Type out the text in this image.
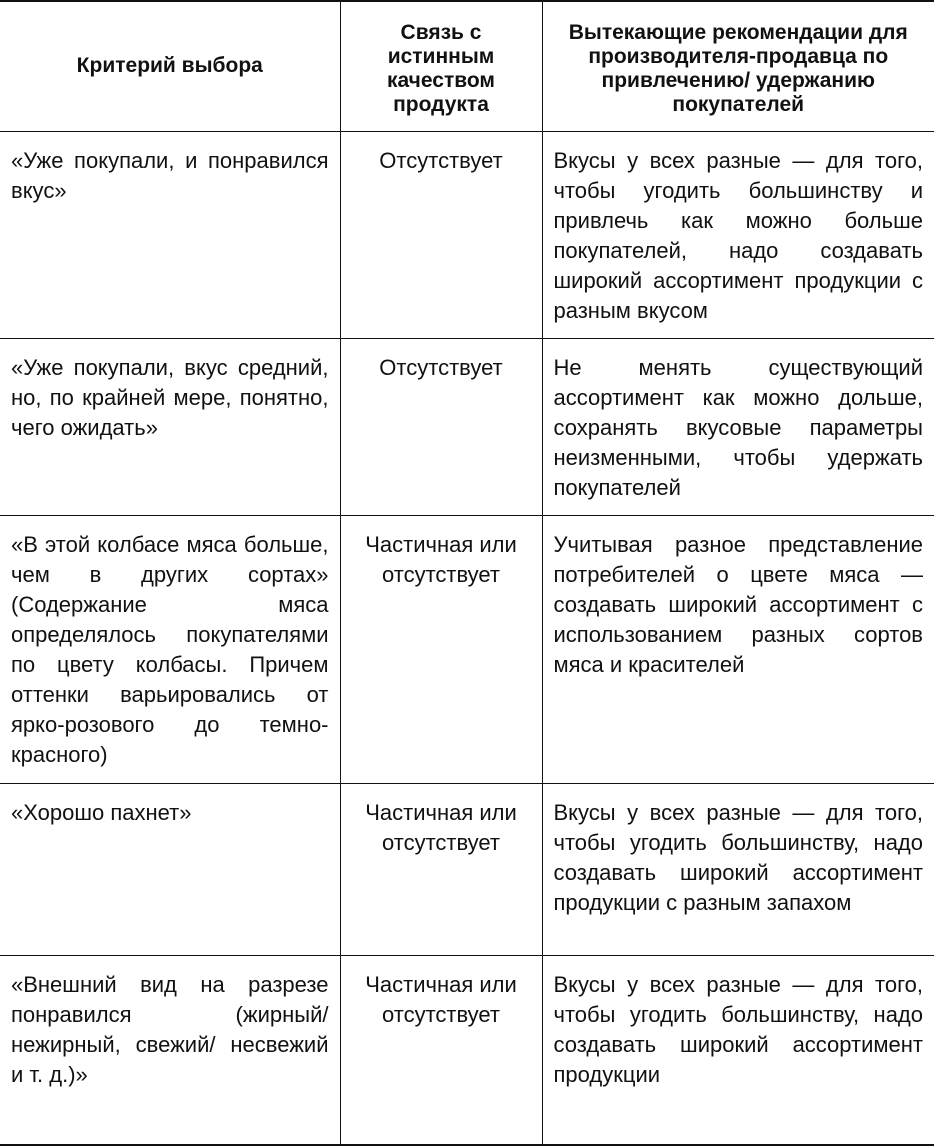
Критерий выбора	Связь с истинным качеством продукта	Вытекающие рекомендации для производителя-продавца по привлечению/ удержанию покупателей
«Уже покупали, и понравился вкус»	Отсутствует	Вкусы у всех разные — для того, чтобы угодить большинству и привлечь как можно больше покупателей, надо создавать широкий ассортимент продукции с разным вкусом
«Уже покупали, вкус средний, но, по крайней мере, понятно, чего ожидать»	Отсутствует	Не менять существующий ассортимент как можно дольше, сохранять вкусовые параметры неизменными, чтобы удержать покупателей
«В этой колбасе мяса больше, чем в других сортах» (Содержание мяса определялось покупателями по цвету колбасы. Причем оттенки варьировались от ярко-розового до темно-красного)	Частичная или отсутствует	Учитывая разное представление потребителей о цвете мяса — создавать широкий ассортимент с использованием разных сортов мяса и красителей
«Хорошо пахнет»	Частичная или отсутствует	Вкусы у всех разные — для того, чтобы угодить большинству, надо создавать широкий ассортимент продукции с разным запахом
«Внешний вид на разрезе понравился (жирный/ нежирный, свежий/ несвежий и т. д.)»	Частичная или отсутствует	Вкусы у всех разные — для того, чтобы угодить большинству, надо создавать широкий ассортимент продукции
